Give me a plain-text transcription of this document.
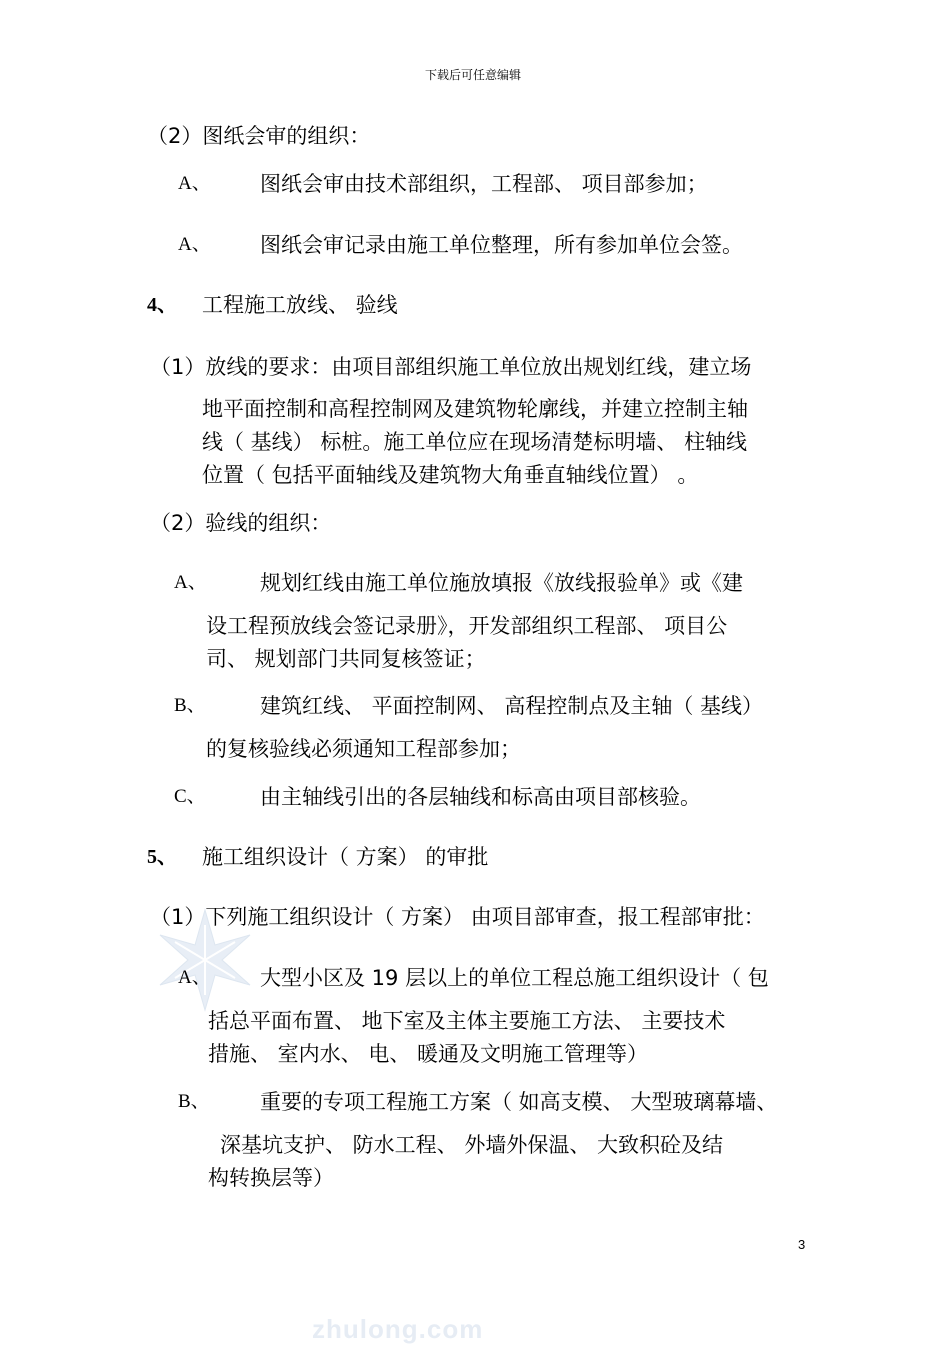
下载后可任意编辑
（2）图纸会审的组织：
A、 图纸会审由技术部组织，工程部、 项目部参加；
A、 图纸会审记录由施工单位整理，所有参加单位会签。
4、 工程施工放线、 验线
（1）放线的要求：由项目部组织施工单位放出规划红线，建立场
地平面控制和高程控制网及建筑物轮廓线，并建立控制主轴
线（ 基线） 标桩。施工单位应在现场清楚标明墙、 柱轴线
位置（ 包括平面轴线及建筑物大角垂直轴线位置） 。
（2）验线的组织：
A、	规划红线由施工单位施放填报《放线报验单》或《建
设工程预放线会签记录册》，开发部组织工程部、 项目公
司、 规划部门共同复核签证；
B、	建筑红线、 平面控制网、 高程控制点及主轴（ 基线）
的复核验线必须通知工程部参加；
C、	由主轴线引出的各层轴线和标高由项目部核验。
5、 施工组织设计（ 方案） 的审批
（1）下列施工组织设计（ 方案） 由项目部审查，报工程部审批：
A、 大型小区及 19 层以上的单位工程总施工组织设计（ 包
括总平面布置、 地下室及主体主要施工方法、 主要技术
措施、 室内水、 电、 暖通及文明施工管理等）
B、 重要的专项工程施工方案（ 如高支模、 大型玻璃幕墙、
深基坑支护、 防水工程、 外墙外保温、 大致积砼及结
构转换层等）
3
zhulong.com
